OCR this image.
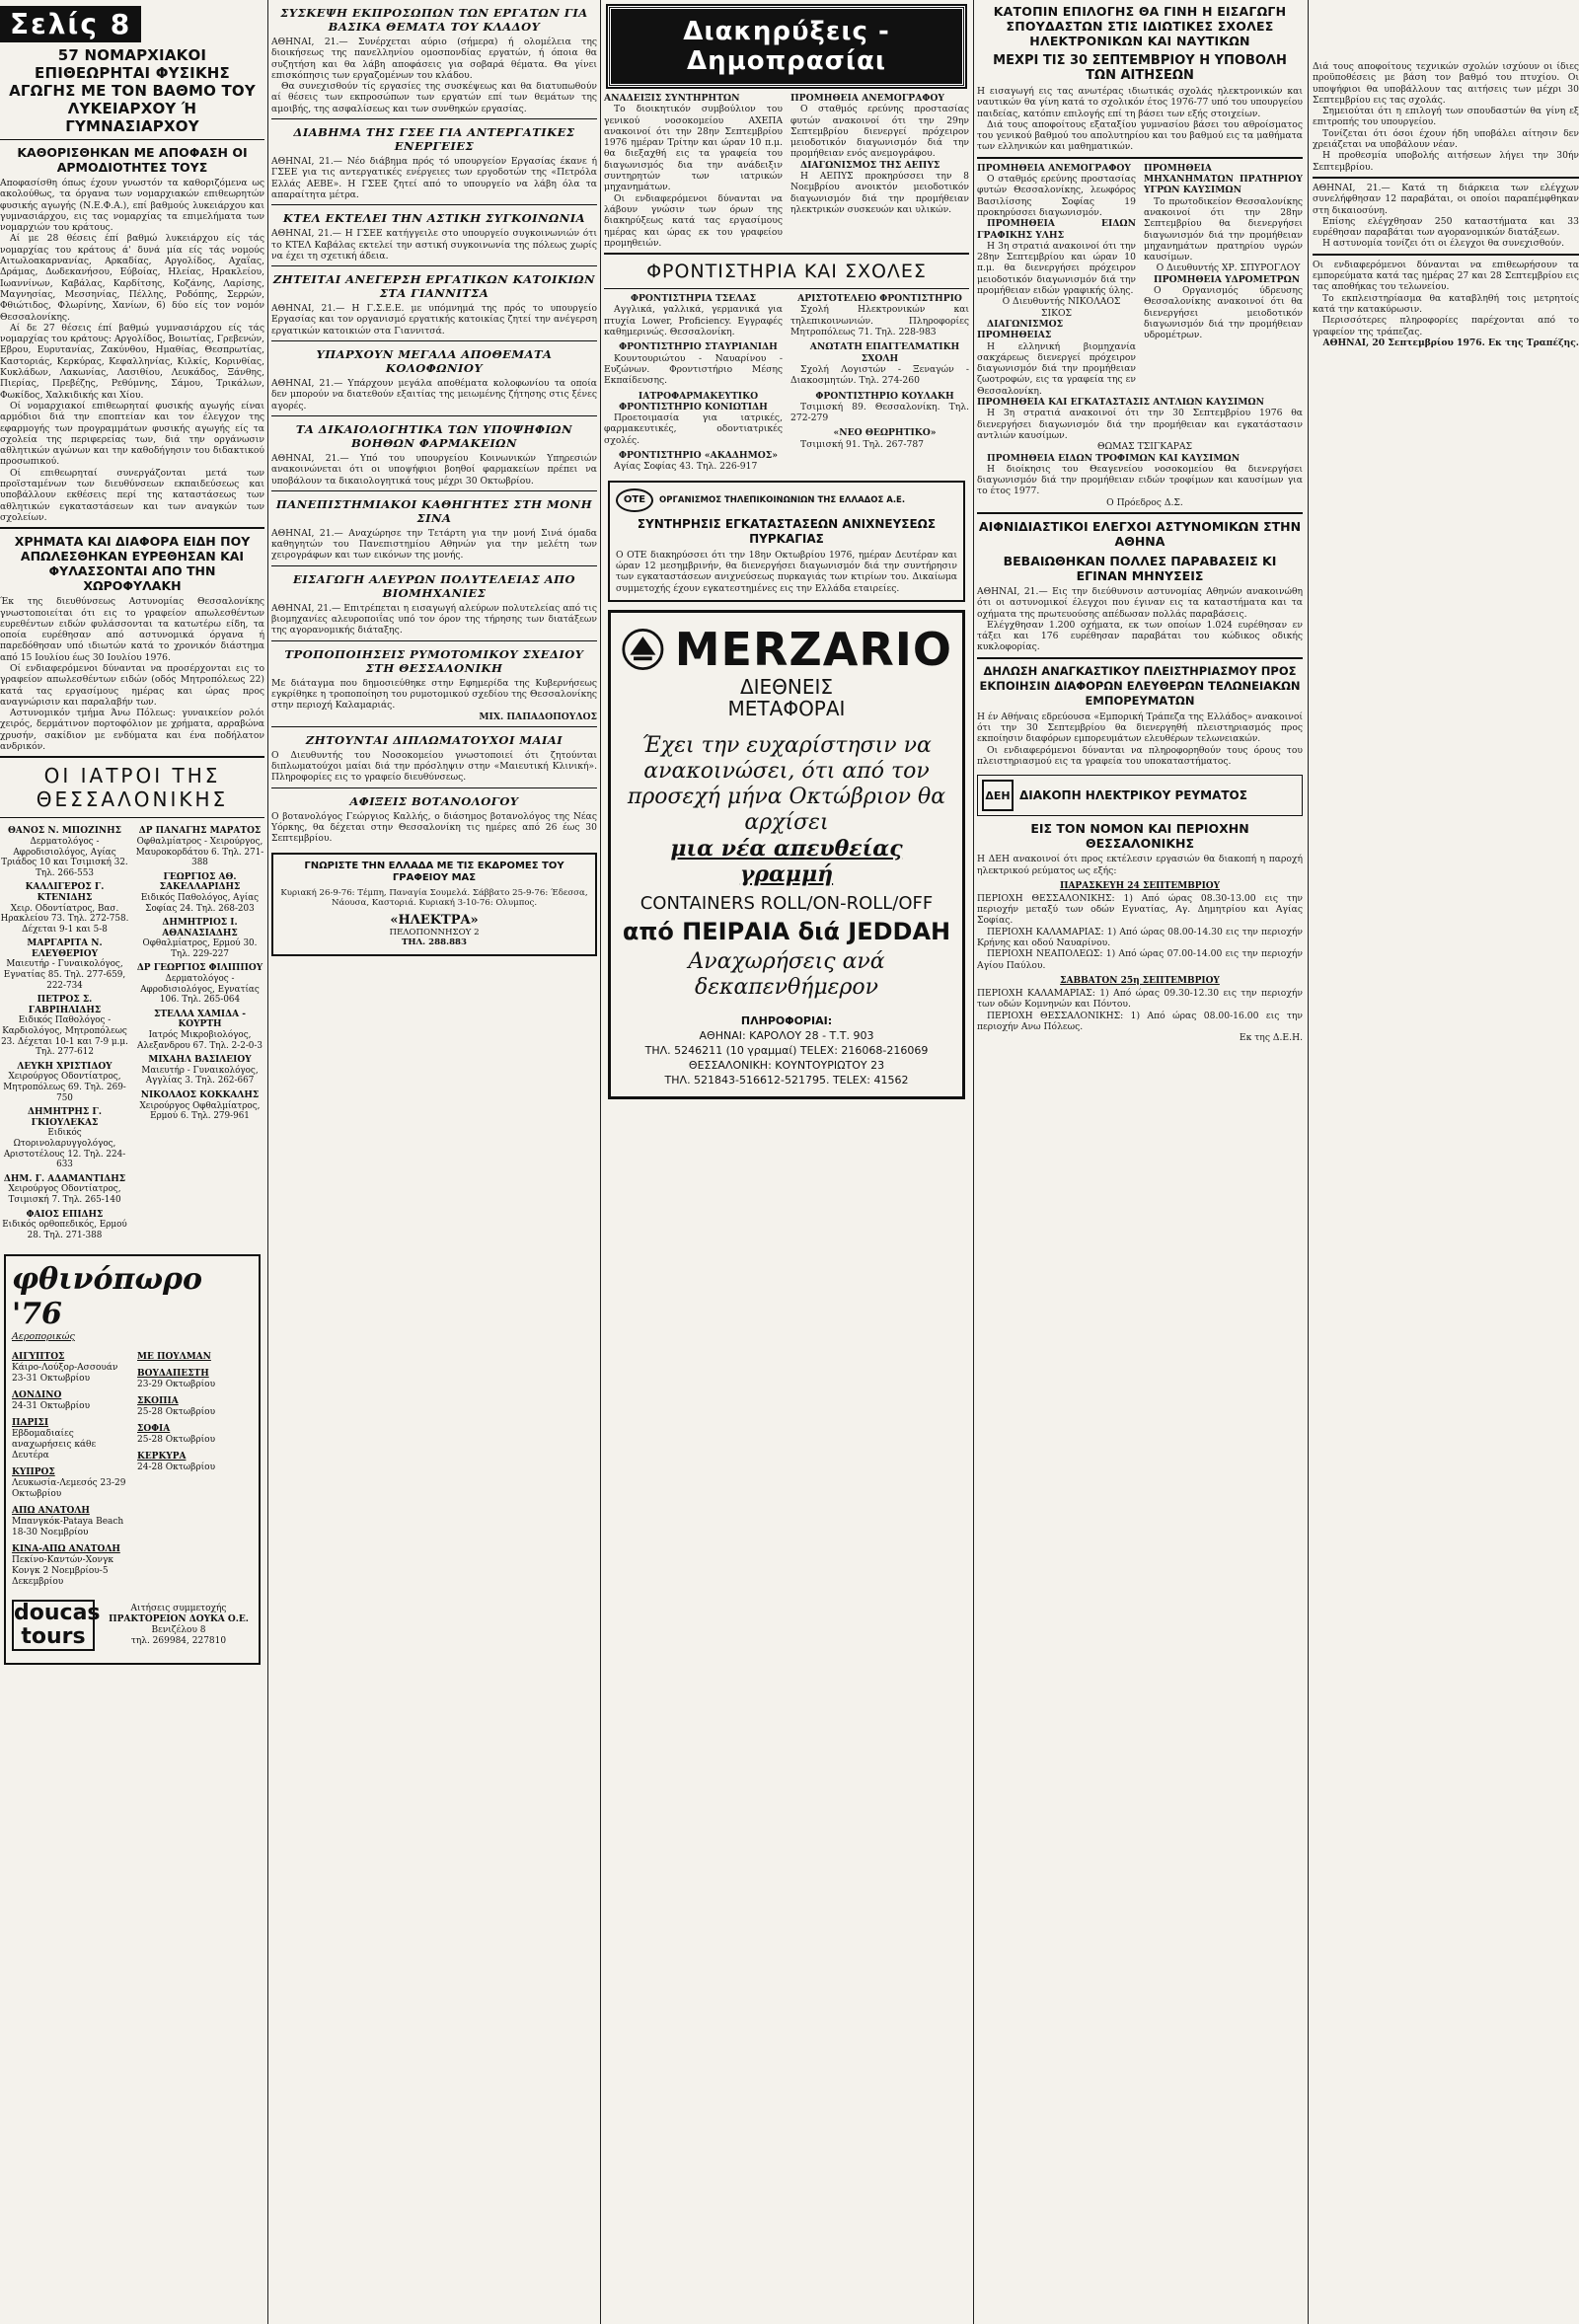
Σελίς 8
57 ΝΟΜΑΡΧΙΑΚΟΙ ΕΠΙΘΕΩΡΗΤΑΙ ΦΥΣΙΚΗΣ ΑΓΩΓΗΣ ΜΕ ΤΟΝ ΒΑΘΜΟ ΤΟΥ ΛΥΚΕΙΑΡΧΟΥ Ή ΓΥΜΝΑΣΙΑΡΧΟΥ
ΚΑΘΟΡΙΣΘΗΚΑΝ ΜΕ ΑΠΟΦΑΣΗ ΟΙ ΑΡΜΟΔΙΟΤΗΤΕΣ ΤΟΥΣ

Αποφασίσθη όπως έχουν γνωστόν τα καθοριζόμενα ως ακολούθως, τα όργανα των νομαρχιακών επιθεωρητών φυσικής αγωγής (Ν.Ε.Φ.Α.), επί βαθμούς λυκειάρχου και γυμνασιάρχου, εις τας νομαρχίας τα επιμελήματα των νομαρχιών του κράτους.

Αί με 28 θέσεις έπί βαθμώ λυκειάρχου είς τάς νομαρχίας του κράτους ά' δυνά μία είς τάς νομούς Αιτωλοακαρνανίας, Αρκαδίας, Αργολίδος, Αχαΐας, Δράμας, Δωδεκανήσου, Εύβοίας, Ηλείας, Ηρακλείου, Ιωαννίνων, Καβάλας, Καρδίτσης, Κοζάνης, Λαρίσης, Μαγνησίας, Μεσσηνίας, Πέλλης, Ροδόπης, Σερρών, Φθιώτιδος, Φλωρίνης, Χανίων, 6) δύο είς τον νομόν Θεσσαλονίκης.

Αί δε 27 θέσεις έπί βαθμώ γυμνασιάρχου είς τάς νομαρχίας του κράτους: Αργολίδος, Βοιωτίας, Γρεβενών, Εβρου, Ευρυτανίας, Ζακύνθου, Ημαθίας, Θεσπρωτίας, Καστοριάς, Κερκύρας, Κεφαλληνίας, Κιλκίς, Κορινθίας, Κυκλάδων, Λακωνίας, Λασιθίου, Λευκάδος, Ξάνθης, Πιερίας, Πρεβέζης, Ρεθύμνης, Σάμου, Τρικάλων, Φωκίδος, Χαλκιδικής και Χίου.

Οί νομαρχιακοί επιθεωρηταί φυσικής αγωγής είναι αρμόδιοι διά την εποπτείαν και τον έλεγχον της εφαρμογής των προγραμμάτων φυσικής αγωγής είς τα σχολεία της περιφερείας των, διά την οργάνωσιν αθλητικών αγώνων και την καθοδήγησιν του διδακτικού προσωπικού.

Οί επιθεωρηταί συνεργάζονται μετά των προϊσταμένων των διευθύνσεων εκπαιδεύσεως και υποβάλλουν εκθέσεις περί της καταστάσεως των αθλητικών εγκαταστάσεων και των αναγκών των σχολείων.

ΧΡΗΜΑΤΑ ΚΑΙ ΔΙΑΦΟΡΑ ΕΙΔΗ ΠΟΥ ΑΠΩΛΕΣΘΗΚΑΝ ΕΥΡΕΘΗΣΑΝ ΚΑΙ ΦΥΛΑΣΣΟΝΤΑΙ ΑΠΟ ΤΗΝ ΧΩΡΟΦΥΛΑΚΗ

Έκ της διευθύνσεως Αστυνομίας Θεσσαλονίκης γνωστοποιείται ότι εις το γραφείον απωλεσθέντων ευρεθέντων ειδών φυλάσσονται τα κατωτέρω είδη, τα οποία ευρέθησαν από αστυνομικά όργανα ή παρεδόθησαν υπό ιδιωτών κατά το χρονικόν διάστημα από 15 Ιουλίου έως 30 Ιουλίου 1976.

Οί ενδιαφερόμενοι δύνανται να προσέρχονται εις το γραφείον απωλεσθέντων ειδών (οδός Μητροπόλεως 22) κατά τας εργασίμους ημέρας και ώρας προς αναγνώρισιν και παραλαβήν των.

Αστυνομικόν τμήμα Άνω Πόλεως: γυναικείον ρολόι χειρός, δερμάτινον πορτοφόλιον με χρήματα, αρραβώνα χρυσήν, σακίδιον με ενδύματα και ένα ποδήλατον ανδρικόν.

ΟΙ ΙΑΤΡΟΙ ΤΗΣ ΘΕΣΣΑΛΟΝΙΚΗΣ
ΘΑΝΟΣ Ν. ΜΠΟΖΙΝΗΣ
Δερματολόγος - Αφροδισιολόγος, Αγίας Τριάδος 10 και Τσιμισκή 32. Τηλ. 266-553
ΚΑΛΛΙΓΕΡΟΣ Γ. ΚΤΕΝΙΔΗΣ
Χειρ. Οδοντίατρος, Βασ. Ηρακλείου 73. Τηλ. 272-758. Δέχεται 9-1 και 5-8
ΜΑΡΓΑΡΙΤΑ Ν. ΕΛΕΥΘΕΡΙΟΥ
Μαιευτήρ - Γυναικολόγος, Εγνατίας 85. Τηλ. 277-659, 222-734
ΠΕΤΡΟΣ Σ. ΓΑΒΡΙΗΛΙΔΗΣ
Ειδικός Παθολόγος - Καρδιολόγος, Μητροπόλεως 23. Δέχεται 10-1 και 7-9 μ.μ. Τηλ. 277-612
ΛΕΥΚΗ ΧΡΙΣΤΙΔΟΥ
Χειρούργος Οδοντίατρος, Μητροπόλεως 69. Τηλ. 269-750
ΔΗΜΗΤΡΗΣ Γ. ΓΚΙΟΥΛΕΚΑΣ
Ειδικός Ωτορινολαρυγγολόγος, Αριστοτέλους 12. Τηλ. 224-633
ΔΗΜ. Γ. ΑΔΑΜΑΝΤΙΔΗΣ
Χειρούργος Οδοντίατρος, Τσιμισκή 7. Τηλ. 265-140
ΦΑΙΟΣ ΕΠΙΔΗΣ
Ειδικός ορθοπεδικός, Ερμού 28. Τηλ. 271-388
ΔΡ ΠΑΝΑΓΗΣ ΜΑΡΑΤΟΣ
Οφθαλμίατρος - Χειρούργος, Μαυροκορδάτου 6. Τηλ. 271-388
ΓΕΩΡΓΙΟΣ ΑΘ. ΣΑΚΕΛΛΑΡΙΔΗΣ
Ειδικός Παθολόγος, Αγίας Σοφίας 24. Τηλ. 268-203
ΔΗΜΗΤΡΙΟΣ Ι. ΑΘΑΝΑΣΙΑΔΗΣ
Οφθαλμίατρος, Ερμού 30. Τηλ. 229-227
ΔΡ ΓΕΩΡΓΙΟΣ ΦΙΛΙΠΠΟΥ
Δερματολόγος - Αφροδισιολόγος, Εγνατίας 106. Τηλ. 265-064
ΣΤΕΛΛΑ ΧΑΜΙΔΑ - ΚΟΥΡΤΗ
Ιατρός Μικροβιολόγος, Αλεξανδρου 67. Τηλ. 2-2-0-3
ΜΙΧΑΗΛ ΒΑΣΙΛΕΙΟΥ
Μαιευτήρ - Γυναικολόγος, Αγγλίας 3. Τηλ. 262-667
ΝΙΚΟΛΑΟΣ ΚΟΚΚΑΛΗΣ
Χειρούργος Οφθαλμίατρος, Ερμού 6. Τηλ. 279-961
φθινόπωρο '76
Αεροπορικώς
ΑΙΓΥΠΤΟΣ
Κάιρο-Λούξορ-Ασσουάν 23-31 Οκτωβρίου
ΛΟΝΔΙΝΟ
24-31 Οκτωβρίου
ΠΑΡΙΣΙ
Εβδομαδιαίες αναχωρήσεις κάθε Δευτέρα
ΚΥΠΡΟΣ
Λευκωσία-Λεμεσός 23-29 Οκτωβρίου
ΑΠΩ ΑΝΑΤΟΛΗ
Μπανγκόκ-Pataya Beach 18-30 Νοεμβρίου
ΚΙΝΑ-ΑΠΩ ΑΝΑΤΟΛΗ
Πεκίνο-Καντών-Χονγκ Κονγκ 2 Νοεμβρίου-5 Δεκεμβρίου
ΜΕ ΠΟΥΛΜΑΝ
ΒΟΥΔΑΠΕΣΤΗ
23-29 Οκτωβρίου
ΣΚΟΠΙΑ
25-28 Οκτωβρίου
ΣΟΦΙΑ
25-28 Οκτωβρίου
ΚΕΡΚΥΡΑ
24-28 Οκτωβρίου
doucas tours
Αιτήσεις συμμετοχής
ΠΡΑΚΤΟΡΕΙΟΝ ΔΟΥΚΑ Ο.Ε.
Βενιζέλου 8
τηλ. 269984, 227810
ΣΥΣΚΕΨΗ ΕΚΠΡΟΣΩΠΩΝ ΤΩΝ ΕΡΓΑΤΩΝ ΓΙΑ ΒΑΣΙΚΑ ΘΕΜΑΤΑ ΤΟΥ ΚΛΑΔΟΥ

ΑΘΗΝΑΙ, 21.— Συνέρχεται αύριο (σήμερα) ή ολομέλεια της διοικήσεως της πανελληνίου ομοσπονδίας εργατών, ή όποια θα συζητήση και θα λάβη αποφάσεις για σοβαρά θέματα. Θα γίνει επισκόπησις των εργαζομένων του κλάδου.

Θα συνεχισθούν τίς εργασίες της συσκέψεως και θα διατυπωθούν αί θέσεις των εκπροσώπων των εργατών επί των θεμάτων της αμοιβής, της ασφαλίσεως και των συνθηκών εργασίας.

ΔΙΑΒΗΜΑ ΤΗΣ ΓΣΕΕ ΓΙΑ ΑΝΤΕΡΓΑΤΙΚΕΣ ΕΝΕΡΓΕΙΕΣ

ΑΘΗΝΑΙ, 21.— Νέο διάβημα πρός τό υπουργείον Εργασίας έκανε ή ΓΣΕΕ για τις αντεργατικές ενέργειες των εργοδοτών της «Πετρόλα Ελλάς ΑΕΒΕ». Η ΓΣΕΕ ζητεί από το υπουργείο να λάβη όλα τα απαραίτητα μέτρα.

ΚΤΕΛ ΕΚΤΕΛΕΙ ΤΗΝ ΑΣΤΙΚΗ ΣΥΓΚΟΙΝΩΝΙΑ

ΑΘΗΝΑΙ, 21.— Η ΓΣΕΕ κατήγγειλε στο υπουργείο συγκοινωνιών ότι το ΚΤΕΛ Καβάλας εκτελεί την αστική συγκοινωνία της πόλεως χωρίς να έχει τη σχετική άδεια.

ΖΗΤΕΙΤΑΙ ΑΝΕΓΕΡΣΗ ΕΡΓΑΤΙΚΩΝ ΚΑΤΟΙΚΙΩΝ ΣΤΑ ΓΙΑΝΝΙΤΣΑ

ΑΘΗΝΑΙ, 21.— Η Γ.Σ.Ε.Ε. με υπόμνημά της πρός το υπουργείο Εργασίας και τον οργανισμό εργατικής κατοικίας ζητεί την ανέγερση εργατικών κατοικιών στα Γιαννιτσά.

ΥΠΑΡΧΟΥΝ ΜΕΓΑΛΑ ΑΠΟΘΕΜΑΤΑ ΚΟΛΟΦΩΝΙΟΥ

ΑΘΗΝΑΙ, 21.— Υπάρχουν μεγάλα αποθέματα κολοφωνίου τα οποία δεν μπορούν να διατεθούν εξαιτίας της μειωμένης ζήτησης στις ξένες αγορές.

ΤΑ ΔΙΚΑΙΟΛΟΓΗΤΙΚΑ ΤΩΝ ΥΠΟΨΗΦΙΩΝ ΒΟΗΘΩΝ ΦΑΡΜΑΚΕΙΩΝ

ΑΘΗΝΑΙ, 21.— Υπό του υπουργείου Κοινωνικών Υπηρεσιών ανακοινώνεται ότι οι υποψήφιοι βοηθοί φαρμακείων πρέπει να υποβάλουν τα δικαιολογητικά τους μέχρι 30 Οκτωβρίου.

ΠΑΝΕΠΙΣΤΗΜΙΑΚΟΙ ΚΑΘΗΓΗΤΕΣ ΣΤΗ ΜΟΝΗ ΣΙΝΑ

ΑΘΗΝΑΙ, 21.— Αναχώρησε την Τετάρτη για την μονή Σινά όμαδα καθηγητών του Πανεπιστημίου Αθηνών για την μελέτη των χειρογράφων και των εικόνων της μονής.

ΕΙΣΑΓΩΓΗ ΑΛΕΥΡΩΝ ΠΟΛΥΤΕΛΕΙΑΣ ΑΠΟ ΒΙΟΜΗΧΑΝΙΕΣ

ΑΘΗΝΑΙ, 21.— Επιτρέπεται η εισαγωγή αλεύρων πολυτελείας από τις βιομηχανίες αλευροποιΐας υπό τον όρον της τήρησης των διατάξεων της αγορανομικής διάταξης.

ΤΡΟΠΟΠΟΙΗΣΕΙΣ ΡΥΜΟΤΟΜΙΚΟΥ ΣΧΕΔΙΟΥ ΣΤΗ ΘΕΣΣΑΛΟΝΙΚΗ

Με διάταγμα που δημοσιεύθηκε στην Εφημερίδα της Κυβερνήσεως εγκρίθηκε η τροποποίηση του ρυμοτομικού σχεδίου της Θεσσαλονίκης στην περιοχή Καλαμαριάς.

ΜΙΧ. ΠΑΠΑΔΟΠΟΥΛΟΣ

ΖΗΤΟΥΝΤΑΙ ΔΙΠΛΩΜΑΤΟΥΧΟΙ ΜΑΙΑΙ

Ο Διευθυντής του Νοσοκομείου γνωστοποιεί ότι ζητούνται διπλωματούχοι μαίαι διά την πρόσληψιν στην «Μαιευτική Κλινική». Πληροφορίες εις το γραφείο διευθύνσεως.

ΑΦΙΞΕΙΣ ΒΟΤΑΝΟΛΟΓΟΥ

Ο βοτανολόγος Γεώργιος Καλλής, ο διάσημος βοτανολόγος της Νέας Υόρκης, θα δέχεται στην Θεσσαλονίκη τις ημέρες από 26 έως 30 Σεπτεμβρίου.

ΓΝΩΡΙΣΤΕ ΤΗΝ ΕΛΛΑΔΑ ΜΕ ΤΙΣ ΕΚΔΡΟΜΕΣ ΤΟΥ ΓΡΑΦΕΙΟΥ ΜΑΣ
Κυριακή 26-9-76: Τέμπη, Παναγία Σουμελά. Σάββατο 25-9-76: Έδεσσα, Νάουσα, Καστοριά. Κυριακή 3-10-76: Ολυμπος.
«ΗΛΕΚΤΡΑ»
ΠΕΛΟΠΟΝΝΗΣΟΥ 2
ΤΗΛ. 288.883
Διακηρύξεις - Δημοπρασίαι

ΑΝΑΔΕΙΞΙΣ ΣΥΝΤΗΡΗΤΩΝ

Το διοικητικόν συμβούλιον του γενικού νοσοκομείου ΑΧΕΠΑ ανακοινοί ότι την 28ην Σεπτεμβρίου 1976 ημέραν Τρίτην και ώραν 10 π.μ. θα διεξαχθή εις τα γραφεία του διαγωνισμός δια την ανάδειξιν συντηρητών των ιατρικών μηχανημάτων.

Οι ενδιαφερόμενοι δύνανται να λάβουν γνώσιν των όρων της διακηρύξεως κατά τας εργασίμους ημέρας και ώρας εκ του γραφείου προμηθειών.

ΠΡΟΜΗΘΕΙΑ ΑΝΕΜΟΓΡΑΦΟΥ

Ο σταθμός ερεύνης προστασίας φυτών ανακοινοί ότι την 29ην Σεπτεμβρίου διενεργεί πρόχειρον μειοδοτικόν διαγωνισμόν διά την προμήθειαν ενός ανεμογράφου.

ΔΙΑΓΩΝΙΣΜΟΣ ΤΗΣ ΑΕΠΥΣ

Η ΑΕΠΥΣ προκηρύσσει την 8 Νοεμβρίου ανοικτόν μειοδοτικόν διαγωνισμόν διά την προμήθειαν ηλεκτρικών συσκευών και υλικών.

ΦΡΟΝΤΙΣΤΗΡΙΑ ΚΑΙ ΣΧΟΛΕΣ

ΦΡΟΝΤΙΣΤΗΡΙΑ ΤΣΕΛΑΣ

Αγγλικά, γαλλικά, γερμανικά για πτυχία Lower, Proficiency. Εγγραφές καθημερινώς. Θεσσαλονίκη.

ΦΡΟΝΤΙΣΤΗΡΙΟ ΣΤΑΥΡΙΑΝΙΔΗ

Κουντουριώτου - Ναυαρίνου - Ευζώνων. Φροντιστήριο Μέσης Εκπαίδευσης.

ΙΑΤΡΟΦΑΡΜΑΚΕΥΤΙΚΟ ΦΡΟΝΤΙΣΤΗΡΙΟ ΚΟΝΙΩΤΙΔΗ

Προετοιμασία για ιατρικές, φαρμακευτικές, οδοντιατρικές σχολές.

ΦΡΟΝΤΙΣΤΗΡΙΟ «ΑΚΑΔΗΜΟΣ»

Αγίας Σοφίας 43. Τηλ. 226-917

ΑΡΙΣΤΟΤΕΛΕΙΟ ΦΡΟΝΤΙΣΤΗΡΙΟ

Σχολή Ηλεκτρονικών και τηλεπικοινωνιών. Πληροφορίες Μητροπόλεως 71. Τηλ. 228-983

ΑΝΩΤΑΤΗ ΕΠΑΓΓΕΛΜΑΤΙΚΗ ΣΧΟΛΗ

Σχολή Λογιστών - Ξεναγών - Διακοσμητών. Τηλ. 274-260

ΦΡΟΝΤΙΣΤΗΡΙΟ ΚΟΥΛΑΚΗ

Τσιμισκή 89. Θεσσαλονίκη. Τηλ. 272-279

«ΝΕΟ ΘΕΩΡΗΤΙΚΟ»

Τσιμισκή 91. Τηλ. 267-787

ΟΤΕ	ΟΡΓΑΝΙΣΜΟΣ ΤΗΛΕΠΙΚΟΙΝΩΝΙΩΝ ΤΗΣ ΕΛΛΑΔΟΣ Α.Ε.
ΣΥΝΤΗΡΗΣΙΣ ΕΓΚΑΤΑΣΤΑΣΕΩΝ ΑΝΙΧΝΕΥΣΕΩΣ ΠΥΡΚΑΓΙΑΣ

Ο ΟΤΕ διακηρύσσει ότι την 18ην Οκτωβρίου 1976, ημέραν Δευτέραν και ώραν 12 μεσημβρινήν, θα διενεργήσει διαγωνισμόν διά την συντήρησιν των εγκαταστάσεων ανιχνεύσεως πυρκαγιάς των κτιρίων του. Δικαίωμα συμμετοχής έχουν εγκατεστημένες εις την Ελλάδα εταιρείες.

MERZARIO
ΔΙΕΘΝΕΙΣ
ΜΕΤΑΦΟΡΑΙ
Έχει την ευχαρίστησιν να ανακοινώσει, ότι από τον προσεχή μήνα Οκτώβριον θα αρχίσει
μια νέα απευθείας γραμμή
CONTAINERS ROLL/ON-ROLL/OFF
από ΠΕΙΡΑΙΑ διά JEDDAH
Αναχωρήσεις ανά δεκαπενθήμερον
ΠΛΗΡΟΦΟΡΙΑΙ:
ΑΘΗΝΑΙ: ΚΑΡΟΛΟΥ 28 - Τ.Τ. 903
ΤΗΛ. 5246211 (10 γραμμαί) TELEX: 216068-216069
ΘΕΣΣΑΛΟΝΙΚΗ: ΚΟΥΝΤΟΥΡΙΩΤΟΥ 23
ΤΗΛ. 521843-516612-521795. TELEX: 41562
ΚΑΤΟΠΙΝ ΕΠΙΛΟΓΗΣ ΘΑ ΓΙΝΗ Η ΕΙΣΑΓΩΓΗ ΣΠΟΥΔΑΣΤΩΝ ΣΤΙΣ ΙΔΙΩΤΙΚΕΣ ΣΧΟΛΕΣ ΗΛΕΚΤΡΟΝΙΚΩΝ ΚΑΙ ΝΑΥΤΙΚΩΝ
ΜΕΧΡΙ ΤΙΣ 30 ΣΕΠΤΕΜΒΡΙΟΥ Η ΥΠΟΒΟΛΗ ΤΩΝ ΑΙΤΗΣΕΩΝ

Η εισαγωγή εις τας ανωτέρας ιδιωτικάς σχολάς ηλεκτρονικών και ναυτικών θα γίνη κατά το σχολικόν έτος 1976-77 υπό του υπουργείου παιδείας, κατόπιν επιλογής επί τη βάσει των εξής στοιχείων.

Διά τους αποφοίτους εξαταξίου γυμνασίου βάσει του αθροίσματος του γενικού βαθμού του απολυτηρίου και του βαθμού εις τα μαθήματα των ελληνικών και μαθηματικών.

ΠΡΟΜΗΘΕΙΑ ΑΝΕΜΟΓΡΑΦΟΥ

Ο σταθμός ερεύνης προστασίας φυτών Θεσσαλονίκης, λεωφόρος Βασιλίσσης Σοφίας 19 προκηρύσσει διαγωνισμόν.

ΠΡΟΜΗΘΕΙΑ ΕΙΔΩΝ ΓΡΑΦΙΚΗΣ ΥΛΗΣ

Η 3η στρατιά ανακοινοί ότι την 28ην Σεπτεμβρίου και ώραν 10 π.μ. θα διενεργήσει πρόχειρον μειοδοτικόν διαγωνισμόν διά την προμήθειαν ειδών γραφικής ύλης.

Ο Διευθυντής ΝΙΚΟΛΑΟΣ ΣΙΚΟΣ

ΔΙΑΓΩΝΙΣΜΟΣ ΠΡΟΜΗΘΕΙΑΣ

Η ελληνική βιομηχανία σακχάρεως διενεργεί πρόχειρον διαγωνισμόν διά την προμήθειαν ζωοτροφών, εις τα γραφεία της εν Θεσσαλονίκη.

ΠΡΟΜΗΘΕΙΑ ΜΗΧΑΝΗΜΑΤΩΝ ΠΡΑΤΗΡΙΟΥ ΥΓΡΩΝ ΚΑΥΣΙΜΩΝ

Το πρωτοδικείον Θεσσαλονίκης ανακοινοί ότι την 28ην Σεπτεμβρίου θα διενεργήσει διαγωνισμόν διά την προμήθειαν μηχανημάτων πρατηρίου υγρών καυσίμων.

Ο Διευθυντής ΧΡ. ΣΠΥΡΟΓΛΟΥ

ΠΡΟΜΗΘΕΙΑ ΥΔΡΟΜΕΤΡΩΝ

Ο Οργανισμός ύδρευσης Θεσσαλονίκης ανακοινοί ότι θα διενεργήσει μειοδοτικόν διαγωνισμόν διά την προμήθειαν υδρομέτρων.

ΠΡΟΜΗΘΕΙΑ ΚΑΙ ΕΓΚΑΤΑΣΤΑΣΙΣ ΑΝΤΛΙΩΝ ΚΑΥΣΙΜΩΝ

Η 3η στρατιά ανακοινοί ότι την 30 Σεπτεμβρίου 1976 θα διενεργήσει διαγωνισμόν διά την προμήθειαν και εγκατάστασιν αντλιών καυσίμων.

ΘΩΜΑΣ ΤΣΙΓΚΑΡΑΣ

ΠΡΟΜΗΘΕΙΑ ΕΙΔΩΝ ΤΡΟΦΙΜΩΝ ΚΑΙ ΚΑΥΣΙΜΩΝ

Η διοίκησις του Θεαγενείου νοσοκομείου θα διενεργήσει διαγωνισμόν διά την προμήθειαν ειδών τροφίμων και καυσίμων για το έτος 1977.

Ο Πρόεδρος Δ.Σ.

ΑΙΦΝΙΔΙΑΣΤΙΚΟΙ ΕΛΕΓΧΟΙ ΑΣΤΥΝΟΜΙΚΩΝ ΣΤΗΝ ΑΘΗΝΑ
ΒΕΒΑΙΩΘΗΚΑΝ ΠΟΛΛΕΣ ΠΑΡΑΒΑΣΕΙΣ ΚΙ ΕΓΙΝΑΝ ΜΗΝΥΣΕΙΣ

ΑΘΗΝΑΙ, 21.— Εις την διεύθυνσιν αστυνομίας Αθηνών ανακοινώθη ότι οι αστυνομικοί έλεγχοι που έγιναν εις τα καταστήματα και τα οχήματα της πρωτευούσης απέδωσαν πολλάς παραβάσεις.

Ελέγχθησαν 1.200 οχήματα, εκ των οποίων 1.024 ευρέθησαν εν τάξει και 176 ευρέθησαν παραβάται του κώδικος οδικής κυκλοφορίας.

ΔΗΛΩΣΗ ΑΝΑΓΚΑΣΤΙΚΟΥ ΠΛΕΙΣΤΗΡΙΑΣΜΟΥ ΠΡΟΣ ΕΚΠΟΙΗΣΙΝ ΔΙΑΦΟΡΩΝ ΕΛΕΥΘΕΡΩΝ ΤΕΛΩΝΕΙΑΚΩΝ ΕΜΠΟΡΕΥΜΑΤΩΝ

Η έν Αθήναις εδρεύουσα «Εμπορική Τράπεζα της Ελλάδος» ανακοινοί ότι την 30 Σεπτεμβρίου θα διενεργηθή πλειστηριασμός προς εκποίησιν διαφόρων εμπορευμάτων ελευθέρων τελωνειακών.

Οι ενδιαφερόμενοι δύνανται να πληροφορηθούν τους όρους του πλειστηριασμού εις τα γραφεία του υποκαταστήματος.

ΔΕΗ ΔΙΑΚΟΠΗ ΗΛΕΚΤΡΙΚΟΥ ΡΕΥΜΑΤΟΣ
ΕΙΣ ΤΟΝ ΝΟΜΟΝ ΚΑΙ ΠΕΡΙΟΧΗΝ ΘΕΣΣΑΛΟΝΙΚΗΣ

Η ΔΕΗ ανακοινοί ότι προς εκτέλεσιν εργασιών θα διακοπή η παροχή ηλεκτρικού ρεύματος ως εξής:

ΠΑΡΑΣΚΕΥΗ 24 ΣΕΠΤΕΜΒΡΙΟΥ

ΠΕΡΙΟΧΗ ΘΕΣΣΑΛΟΝΙΚΗΣ: 1) Από ώρας 08.30-13.00 εις την περιοχήν μεταξύ των οδών Εγνατίας, Αγ. Δημητρίου και Αγίας Σοφίας.

ΠΕΡΙΟΧΗ ΚΑΛΑΜΑΡΙΑΣ: 1) Από ώρας 08.00-14.30 εις την περιοχήν Κρήνης και οδού Ναυαρίνου.

ΠΕΡΙΟΧΗ ΝΕΑΠΟΛΕΩΣ: 1) Από ώρας 07.00-14.00 εις την περιοχήν Αγίου Παύλου.

ΣΑΒΒΑΤΟΝ 25η ΣΕΠΤΕΜΒΡΙΟΥ

ΠΕΡΙΟΧΗ ΚΑΛΑΜΑΡΙΑΣ: 1) Από ώρας 09.30-12.30 εις την περιοχήν των οδών Κομνηνών και Πόντου.

ΠΕΡΙΟΧΗ ΘΕΣΣΑΛΟΝΙΚΗΣ: 1) Από ώρας 08.00-16.00 εις την περιοχήν Ανω Πόλεως.

Εκ της Δ.Ε.Η.

Διά τους αποφοίτους τεχνικών σχολών ισχύουν οι ίδιες προϋποθέσεις με βάση τον βαθμό του πτυχίου. Οι υποψήφιοι θα υποβάλλουν τας αιτήσεις των μέχρι 30 Σεπτεμβρίου εις τας σχολάς.

Σημειούται ότι η επιλογή των σπουδαστών θα γίνη εξ επιτροπής του υπουργείου.

Τονίζεται ότι όσοι έχουν ήδη υποβάλει αίτησιν δεν χρειάζεται να υποβάλουν νέαν.

Η προθεσμία υποβολής αιτήσεων λήγει την 30ήν Σεπτεμβρίου.

ΑΘΗΝΑΙ, 21.— Κατά τη διάρκεια των ελέγχων συνελήφθησαν 12 παραβάται, οι οποίοι παραπέμφθηκαν στη δικαιοσύνη.

Επίσης ελέγχθησαν 250 καταστήματα και 33 ευρέθησαν παραβάται των αγορανομικών διατάξεων.

Η αστυνομία τονίζει ότι οι έλεγχοι θα συνεχισθούν.

Οι ενδιαφερόμενοι δύνανται να επιθεωρήσουν τα εμπορεύματα κατά τας ημέρας 27 και 28 Σεπτεμβρίου εις τας αποθήκας του τελωνείου.

Το εκπλειστηρίασμα θα καταβληθή τοις μετρητοίς κατά την κατακύρωσιν.

Περισσότερες πληροφορίες παρέχονται από το γραφείον της τράπεζας.

ΑΘΗΝΑΙ, 20 Σεπτεμβρίου 1976. Εκ της Τραπέζης.
